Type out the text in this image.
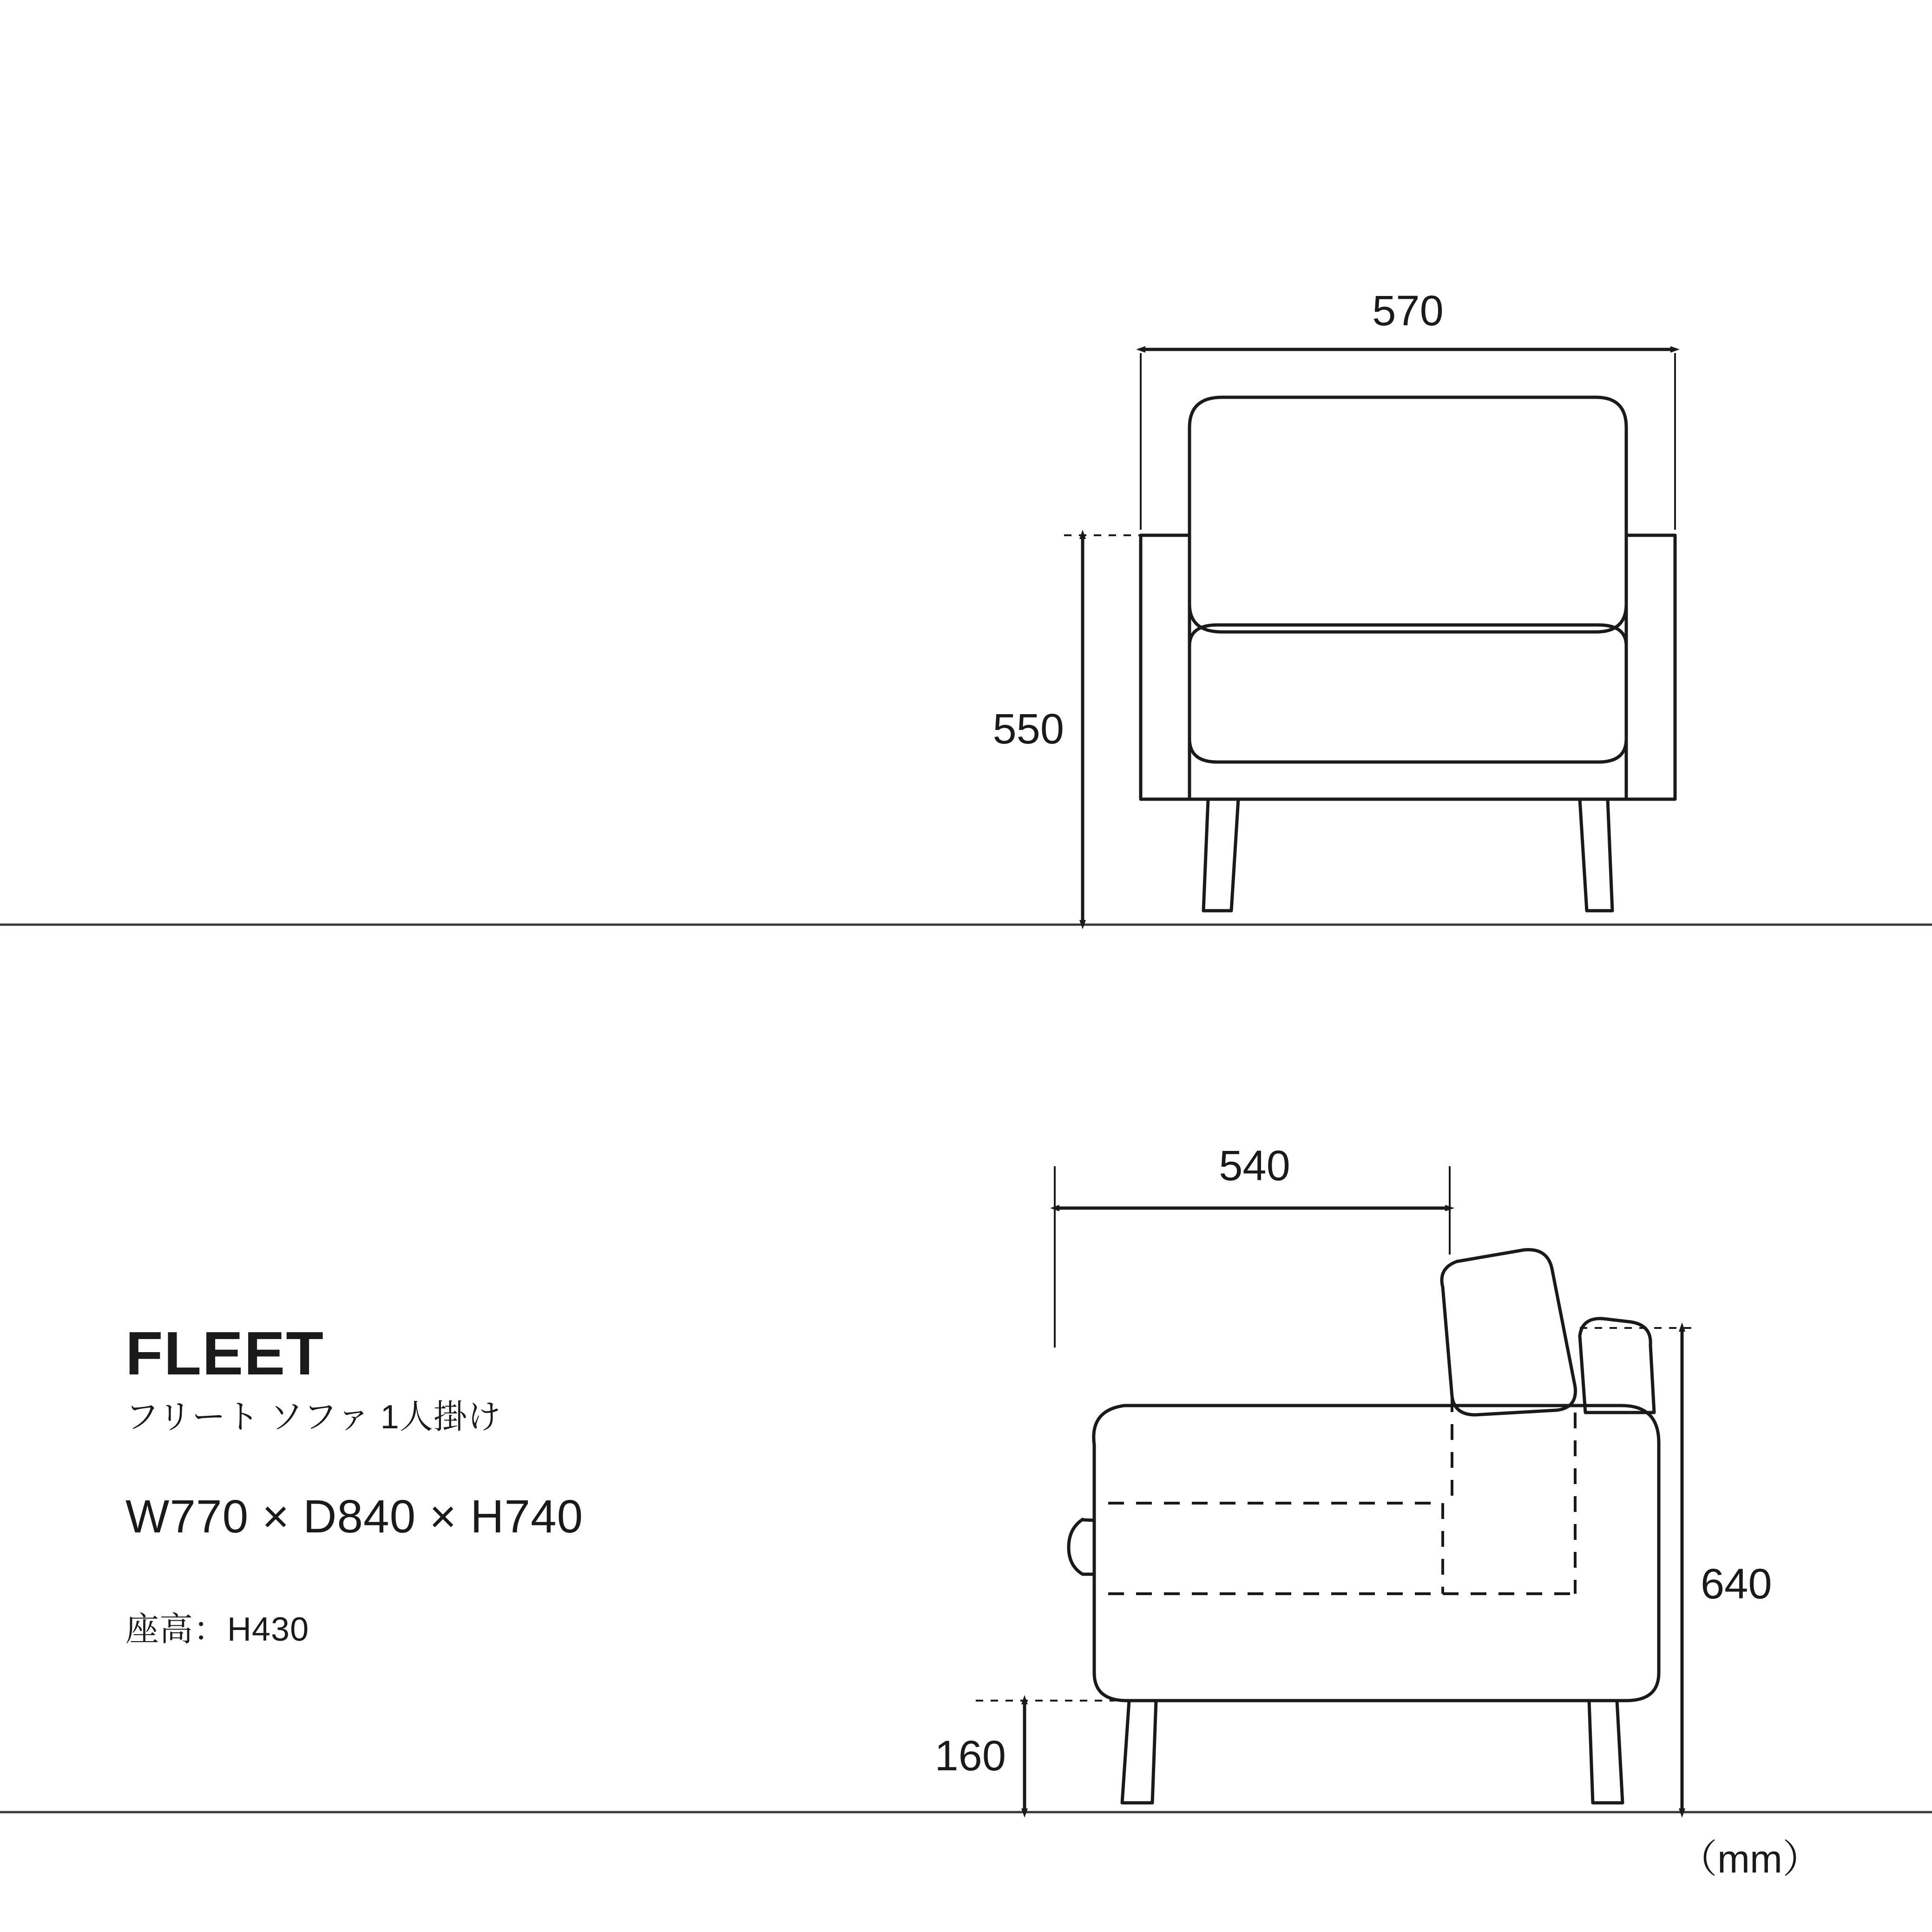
570
550
540
640
160
（mm）
FLEET

フリート ソファ 1人掛け

W770 × D840 × H740

座高：H430
